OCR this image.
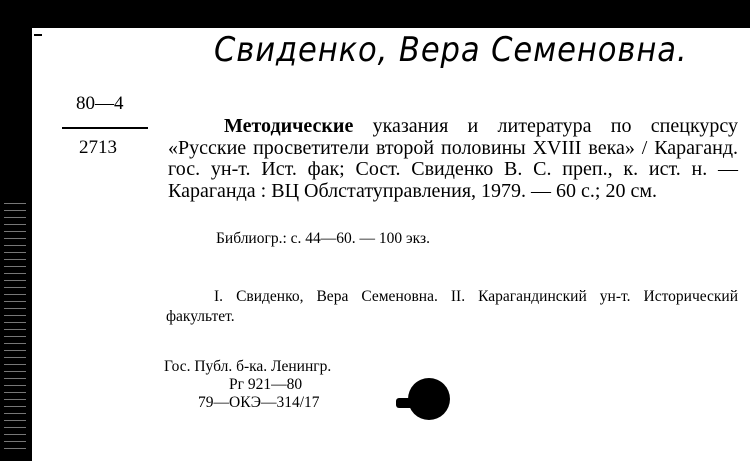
Свиденко, Вера Семеновна.
80—4
2713
Методические указания и литература по спецкурсу «Русские просветители второй половины XVIII века» / Караганд. гос. ун-т. Ист. фак; Сост. Свиденко В. С. преп., к. ист. н. — Караганда : ВЦ Облстатуправления, 1979. — 60 с.; 20 см.
Библиогр.: с. 44—60. — 100 экз.
I. Свиденко, Вера Семеновна. II. Карагандинский ун-т. Исторический факультет.
Гос. Публ. б-ка. Ленингр.
Рг 921—80
79—ОКЭ—314/17
